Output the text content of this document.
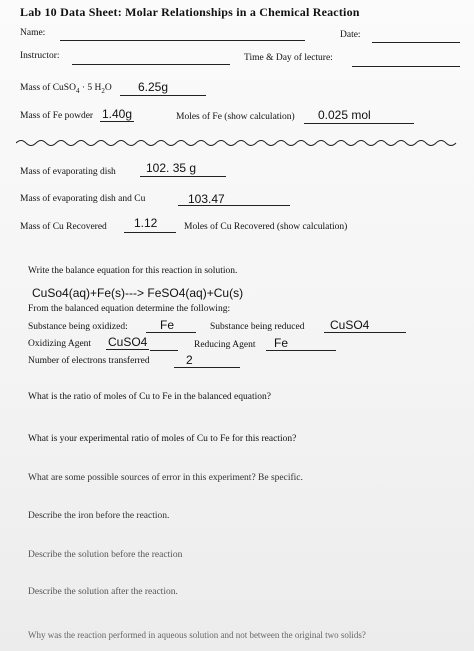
Lab 10 Data Sheet: Molar Relationships in a Chemical Reaction
Name:	Date:
Instructor:	Time & Day of lecture:
Mass of CuSO$_4$ · 5 $H_2O$ 6.25g
Mass of Fe powder 1.40g	Moles of Fe (show calculation) 0.025 mol
Mass of evaporating dish	102. 35 g
Mass of evaporating dish and Cu	103.47
Mass of Cu Recovered 1.12	Moles of Cu Recovered (show calculation)
Write the balance equation for this reaction in solution.
CuSo4(aq)+Fe(s)---> FeSO4(aq)+Cu(s)
From the balanced equation determine the following:
Substance being oxidized:	Fe	Substance being reduced CuSO4
Oxidizing Agent CuSO4	Reducing Agent Fe
Number of electrons transferred	2
What is the ratio of moles of Cu to Fe in the balanced equation?
What is your experimental ratio of moles of Cu to Fe for this reaction?
What are some possible sources of error in this experiment? Be specific.
Describe the iron before the reaction.
Describe the solution before the reaction
Describe the solution after the reaction.
Why was the reaction performed in aqueous solution and not between the original two solids?
